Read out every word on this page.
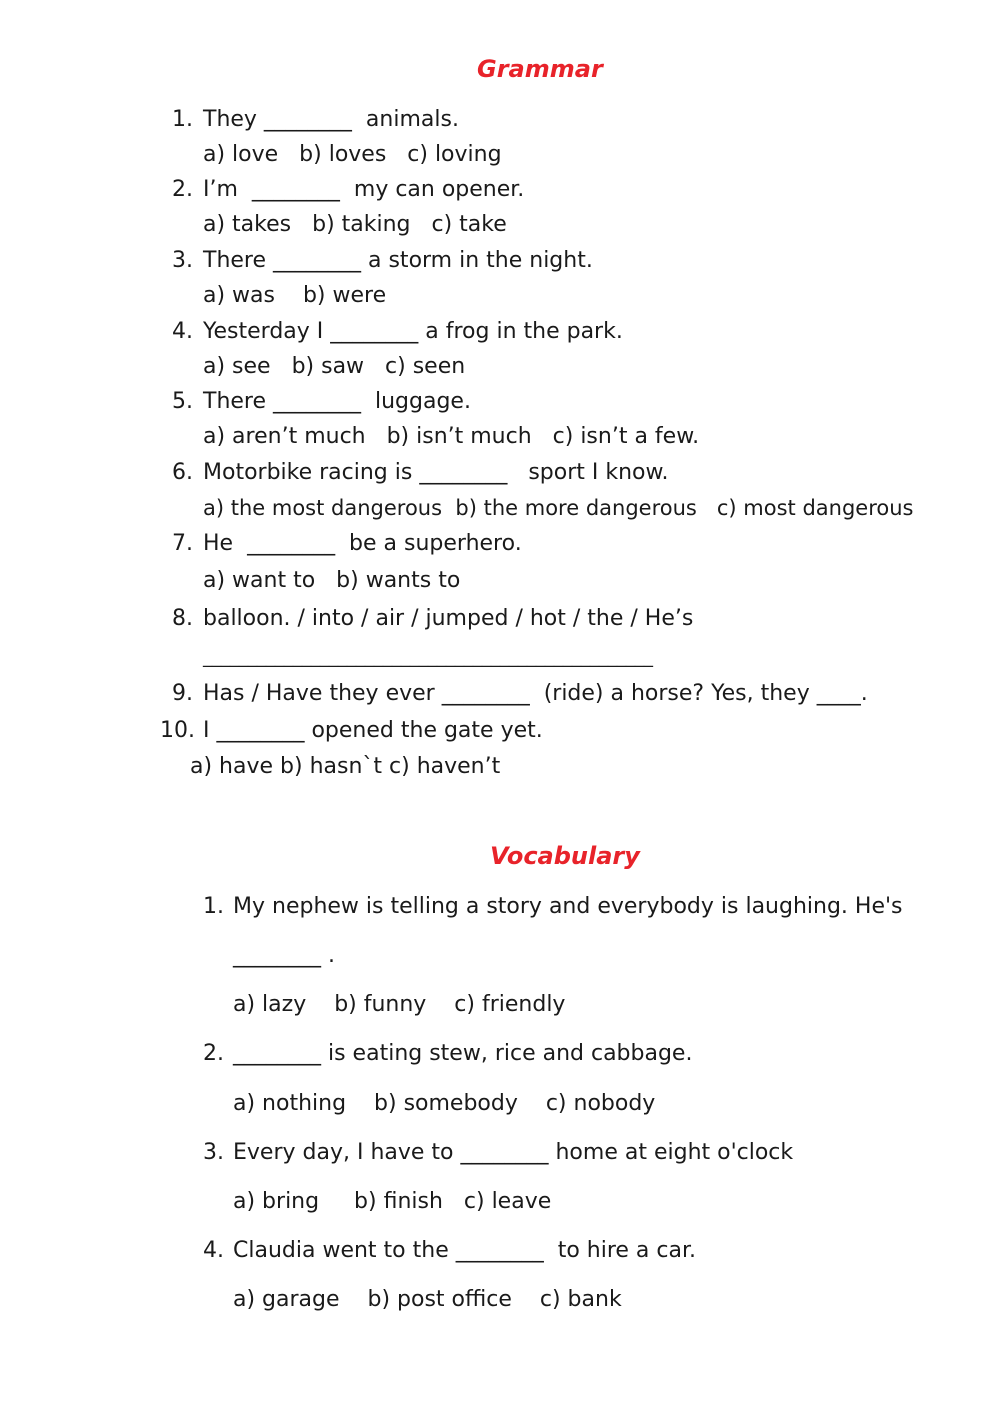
Grammar
1. They ________  animals.
a) love   b) loves   c) loving
2. I’m  ________  my can opener.
a) takes   b) taking   c) take
3. There ________ a storm in the night.
a) was    b) were
4. Yesterday I ________ a frog in the park.
a) see   b) saw   c) seen
5. There ________  luggage.
a) aren’t much   b) isn’t much   c) isn’t a few.
6. Motorbike racing is ________   sport I know.
a) the most dangerous  b) the more dangerous   c) most dangerous
7. He  ________  be a superhero.
a) want to   b) wants to
8. balloon. / into / air / jumped / hot / the / He’s
__________________________________________________
9. Has / Have they ever ________  (ride) a horse? Yes, they ____.
10. I ________ opened the gate yet.
a) have b) hasn`t c) haven’t
Vocabulary
1. My nephew is telling a story and everybody is laughing. He's
________ .
a) lazy    b) funny    c) friendly
2. ________ is eating stew, rice and cabbage.
a) nothing    b) somebody    c) nobody
3. Every day, I have to ________ home at eight o'clock
a) bring     b) finish   c) leave
4. Claudia went to the ________  to hire a car.
a) garage    b) post office    c) bank
